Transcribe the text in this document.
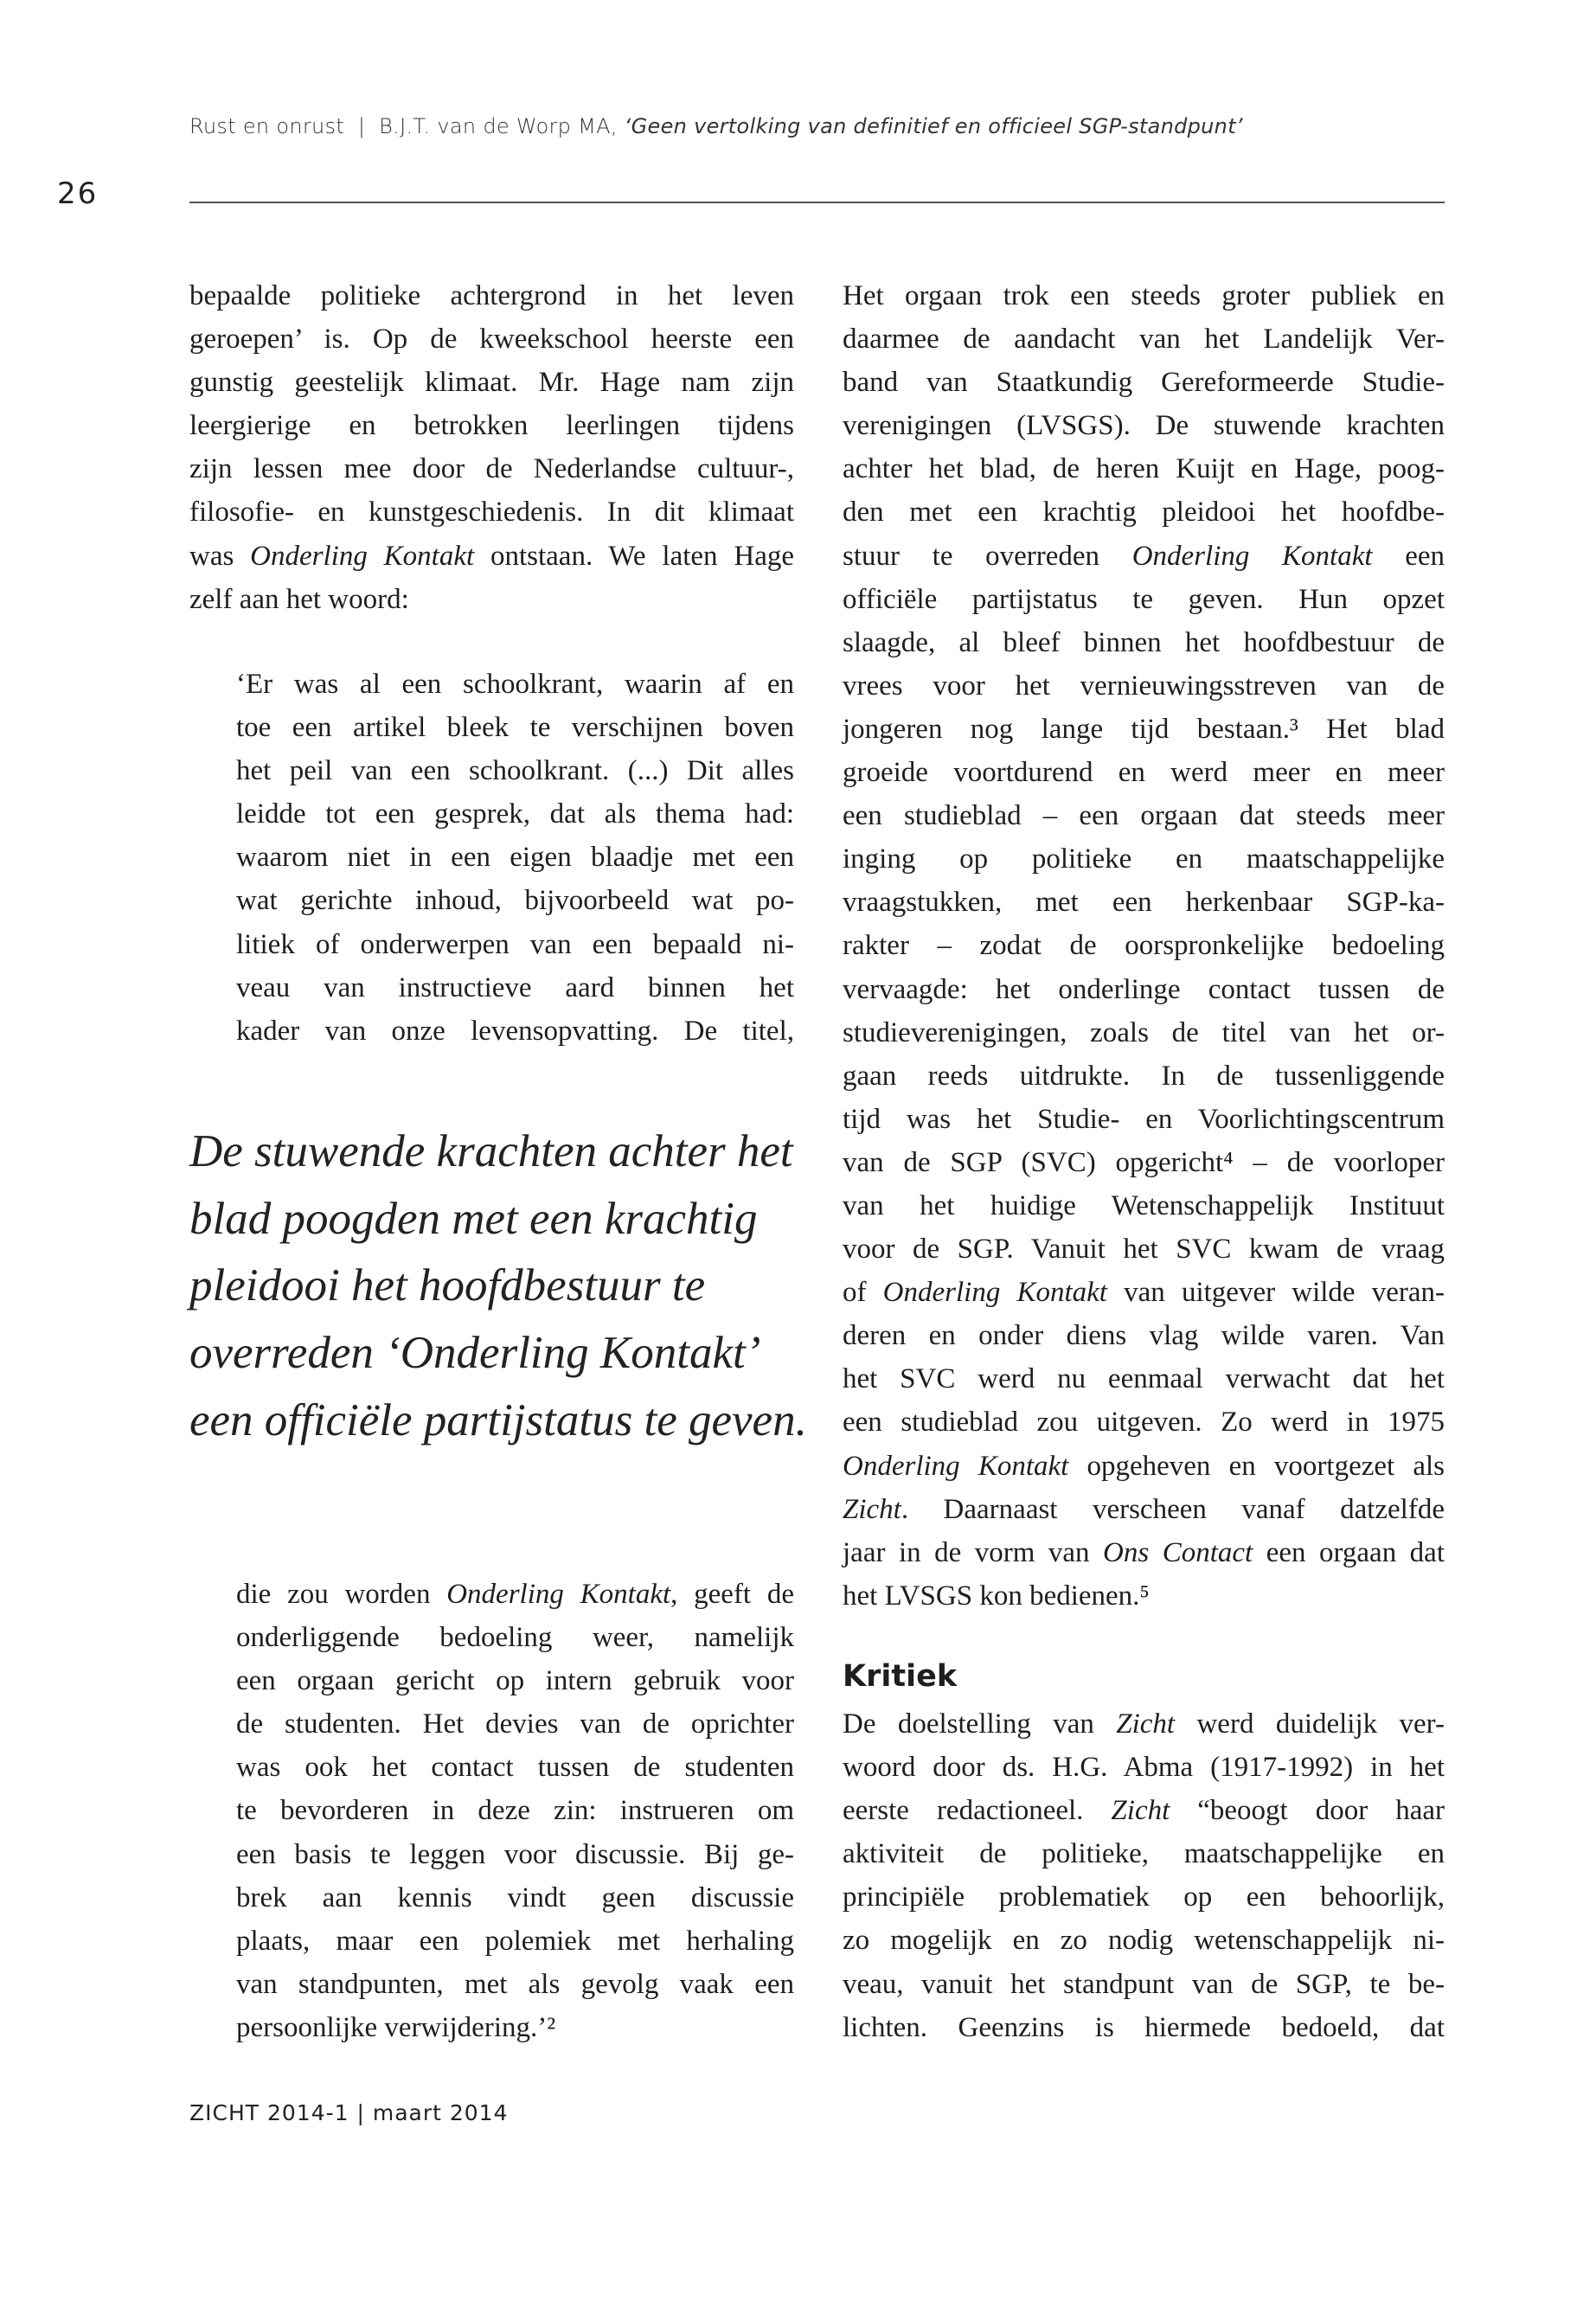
Rust en onrust  |  B.J.T. van de Worp MA, ‘Geen vertolking van definitief en officieel SGP-standpunt’
26
bepaalde politieke achtergrond in het leven
geroepen’ is. Op de kweekschool heerste een
gunstig geestelijk klimaat. Mr. Hage nam zijn
leergierige en betrokken leerlingen tijdens
zijn lessen mee door de Nederlandse cultuur-,
filosofie- en kunstgeschiedenis. In dit klimaat
was Onderling Kontakt ontstaan. We laten Hage
zelf aan het woord:
‘Er was al een schoolkrant, waarin af en
toe een artikel bleek te verschijnen boven
het peil van een schoolkrant. (...) Dit alles
leidde tot een gesprek, dat als thema had:
waarom niet in een eigen blaadje met een
wat gerichte inhoud, bijvoorbeeld wat po-
litiek of onderwerpen van een bepaald ni-
veau van instructieve aard binnen het
kader van onze levensopvatting. De titel,
De stuwende krachten achter het
blad poogden met een krachtig
pleidooi het hoofdbestuur te
overreden ‘Onderling Kontakt’
een officiële partijstatus te geven.
die zou worden Onderling Kontakt, geeft de
onderliggende bedoeling weer, namelijk
een orgaan gericht op intern gebruik voor
de studenten. Het devies van de oprichter
was ook het contact tussen de studenten
te bevorderen in deze zin: instrueren om
een basis te leggen voor discussie. Bij ge-
brek aan kennis vindt geen discussie
plaats, maar een polemiek met herhaling
van standpunten, met als gevolg vaak een
persoonlijke verwijdering.’²
Het orgaan trok een steeds groter publiek en
daarmee de aandacht van het Landelijk Ver-
band van Staatkundig Gereformeerde Studie-
verenigingen (LVSGS). De stuwende krachten
achter het blad, de heren Kuijt en Hage, poog-
den met een krachtig pleidooi het hoofdbe-
stuur te overreden Onderling Kontakt een
officiële partijstatus te geven. Hun opzet
slaagde, al bleef binnen het hoofdbestuur de
vrees voor het vernieuwingsstreven van de
jongeren nog lange tijd bestaan.³ Het blad
groeide voortdurend en werd meer en meer
een studieblad – een orgaan dat steeds meer
inging op politieke en maatschappelijke
vraagstukken, met een herkenbaar SGP-ka-
rakter – zodat de oorspronkelijke bedoeling
vervaagde: het onderlinge contact tussen de
studieverenigingen, zoals de titel van het or-
gaan reeds uitdrukte. In de tussenliggende
tijd was het Studie- en Voorlichtingscentrum
van de SGP (SVC) opgericht⁴ – de voorloper
van het huidige Wetenschappelijk Instituut
voor de SGP. Vanuit het SVC kwam de vraag
of Onderling Kontakt van uitgever wilde veran-
deren en onder diens vlag wilde varen. Van
het SVC werd nu eenmaal verwacht dat het
een studieblad zou uitgeven. Zo werd in 1975
Onderling Kontakt opgeheven en voortgezet als
Zicht. Daarnaast verscheen vanaf datzelfde
jaar in de vorm van Ons Contact een orgaan dat
het LVSGS kon bedienen.⁵
Kritiek
De doelstelling van Zicht werd duidelijk ver-
woord door ds. H.G. Abma (1917-1992) in het
eerste redactioneel. Zicht “beoogt door haar
aktiviteit de politieke, maatschappelijke en
principiële problematiek op een behoorlijk,
zo mogelijk en zo nodig wetenschappelijk ni-
veau, vanuit het standpunt van de SGP, te be-
lichten. Geenzins is hiermede bedoeld, dat
ZICHT 2014-1 | maart 2014
